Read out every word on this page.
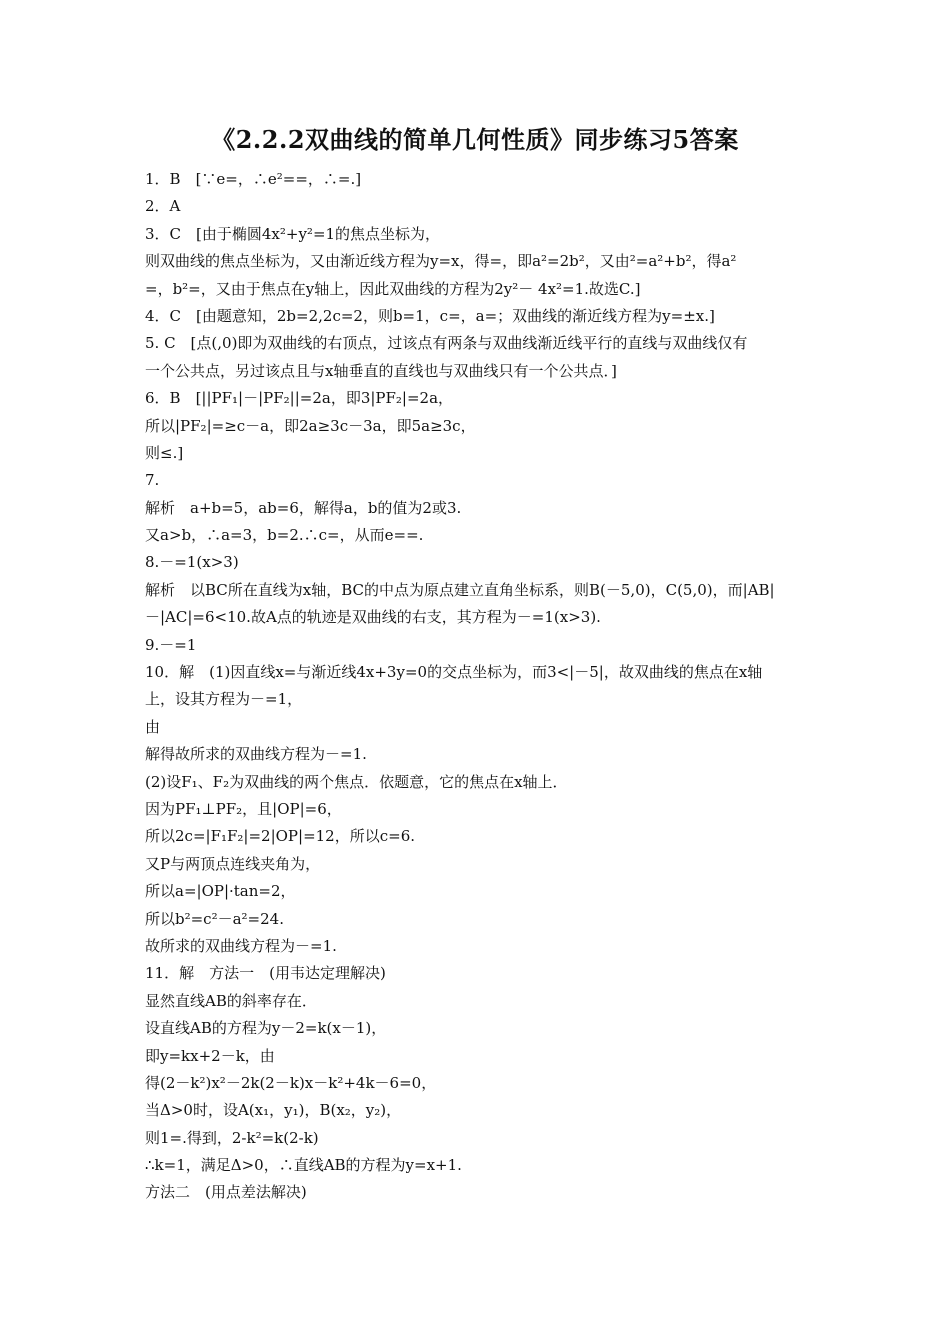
《2.2.2双曲线的简单几何性质》同步练习5答案
1．B　[∵e=，∴e²==，∴=.]
2．A
3．C　[由于椭圆4x²+y²=1的焦点坐标为，
则双曲线的焦点坐标为，又由渐近线方程为y=x，得=，即a²=2b²，又由²=a²+b²，得a²
=，b²=，又由于焦点在y轴上，因此双曲线的方程为2y²－ 4x²=1.故选C.]
4．C　[由题意知，2b=2,2c=2，则b=1，c=，a=；双曲线的渐近线方程为y=±x.]
5. C　[点(,0)即为双曲线的右顶点，过该点有两条与双曲线渐近线平行的直线与双曲线仅有
一个公共点，另过该点且与x轴垂直的直线也与双曲线只有一个公共点．]
6．B　[||PF₁|－|PF₂||=2a，即3|PF₂|=2a，
所以|PF₂|=≥c－a，即2a≥3c－3a，即5a≥3c，
则≤.]
7.
解析　a+b=5，ab=6，解得a，b的值为2或3.
又a>b，∴a=3，b=2.∴c=，从而e==.
8.－=1(x>3)
解析　以BC所在直线为x轴，BC的中点为原点建立直角坐标系，则B(－5,0)，C(5,0)，而|AB|
－|AC|=6<10.故A点的轨迹是双曲线的右支，其方程为－=1(x>3).
9.－=1
10．解　(1)因直线x=与渐近线4x+3y=0的交点坐标为，而3<|－5|，故双曲线的焦点在x轴
上，设其方程为－=1，
由
解得故所求的双曲线方程为－=1.
(2)设F₁、F₂为双曲线的两个焦点．依题意，它的焦点在x轴上．
因为PF₁⊥PF₂，且|OP|=6，
所以2c=|F₁F₂|=2|OP|=12，所以c=6.
又P与两顶点连线夹角为，
所以a=|OP|·tan=2，
所以b²=c²－a²=24.
故所求的双曲线方程为－=1.
11．解　方法一　(用韦达定理解决)
显然直线AB的斜率存在．
设直线AB的方程为y－2=k(x－1)，
即y=kx+2－k，由
得(2－k²)x²－2k(2－k)x－k²+4k－6=0，
当Δ>0时，设A(x₁，y₁)，B(x₂，y₂)，
则1=.得到，2-k²=k(2-k)
∴k=1，满足Δ>0，∴直线AB的方程为y=x+1.
方法二　(用点差法解决)
